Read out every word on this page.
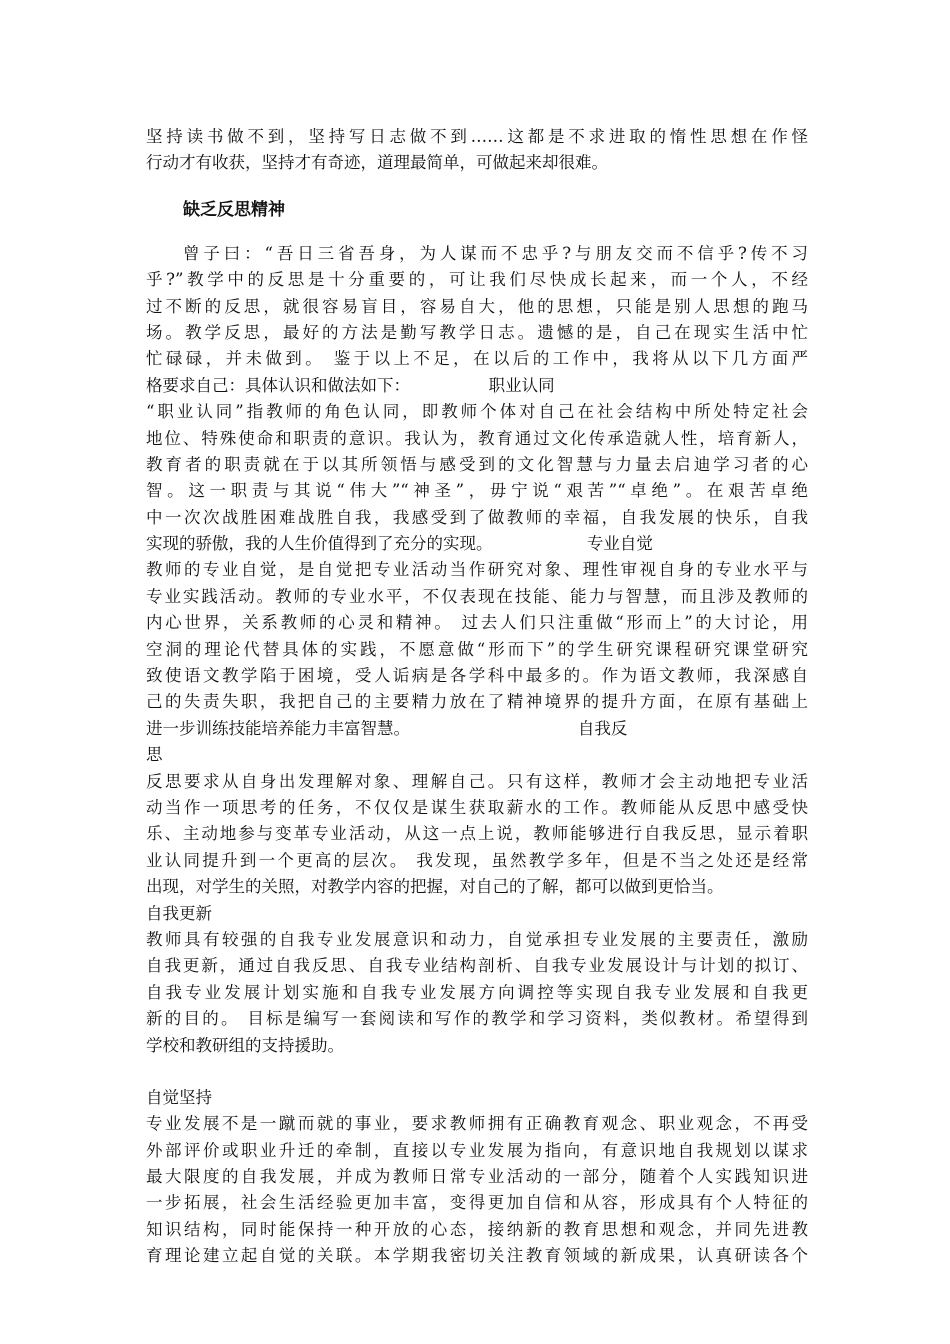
坚持读书做不到，坚持写日志做不到……这都是不求进取的惰性思想在作怪
行动才有收获，坚持才有奇迹，道理最简单，可做起来却很难。
缺乏反思精神
曾子曰：“吾日三省吾身，为人谋而不忠乎?与朋友交而不信乎?传不习
乎?”教学中的反思是十分重要的，可让我们尽快成长起来，而一个人，不经
过不断的反思，就很容易盲目，容易自大，他的思想，只能是别人思想的跑马
场。教学反思，最好的方法是勤写教学日志。遗憾的是，自己在现实生活中忙
忙碌碌，并未做到。 鉴于以上不足，在以后的工作中，我将从以下几方面严
格要求自己：具体认识和做法如下：               职业认同
“职业认同”指教师的角色认同，即教师个体对自己在社会结构中所处特定社会
地位、特殊使命和职责的意识。我认为，教育通过文化传承造就人性，培育新人，
教育者的职责就在于以其所领悟与感受到的文化智慧与力量去启迪学习者的心
智。这一职责与其说“伟大”“神圣”，毋宁说“艰苦”“卓绝”。在艰苦卓绝
中一次次战胜困难战胜自我，我感受到了做教师的幸福，自我发展的快乐，自我
实现的骄傲，我的人生价值得到了充分的实现。                  专业自觉
教师的专业自觉，是自觉把专业活动当作研究对象、理性审视自身的专业水平与
专业实践活动。教师的专业水平，不仅表现在技能、能力与智慧，而且涉及教师的
内心世界，关系教师的心灵和精神。 过去人们只注重做“形而上”的大讨论，用
空洞的理论代替具体的实践，不愿意做“形而下”的学生研究课程研究课堂研究
致使语文教学陷于困境，受人诟病是各学科中最多的。作为语文教师，我深感自
己的失责失职，我把自己的主要精力放在了精神境界的提升方面，在原有基础上
进一步训练技能培养能力丰富智慧。                                自我反
思
反思要求从自身出发理解对象、理解自己。只有这样，教师才会主动地把专业活
动当作一项思考的任务，不仅仅是谋生获取薪水的工作。教师能从反思中感受快
乐、主动地参与变革专业活动，从这一点上说，教师能够进行自我反思，显示着职
业认同提升到一个更高的层次。 我发现，虽然教学多年，但是不当之处还是经常
出现，对学生的关照，对教学内容的把握，对自己的了解，都可以做到更恰当。
自我更新
教师具有较强的自我专业发展意识和动力，自觉承担专业发展的主要责任，激励
自我更新，通过自我反思、自我专业结构剖析、自我专业发展设计与计划的拟订、
自我专业发展计划实施和自我专业发展方向调控等实现自我专业发展和自我更
新的目的。 目标是编写一套阅读和写作的教学和学习资料，类似教材。希望得到
学校和教研组的支持援助。
自觉坚持
专业发展不是一蹴而就的事业，要求教师拥有正确教育观念、职业观念，不再受
外部评价或职业升迁的牵制，直接以专业发展为指向，有意识地自我规划以谋求
最大限度的自我发展，并成为教师日常专业活动的一部分，随着个人实践知识进
一步拓展，社会生活经验更加丰富，变得更加自信和从容，形成具有个人特征的
知识结构，同时能保持一种开放的心态，接纳新的教育思想和观念，并同先进教
育理论建立起自觉的关联。本学期我密切关注教育领域的新成果，认真研读各个
